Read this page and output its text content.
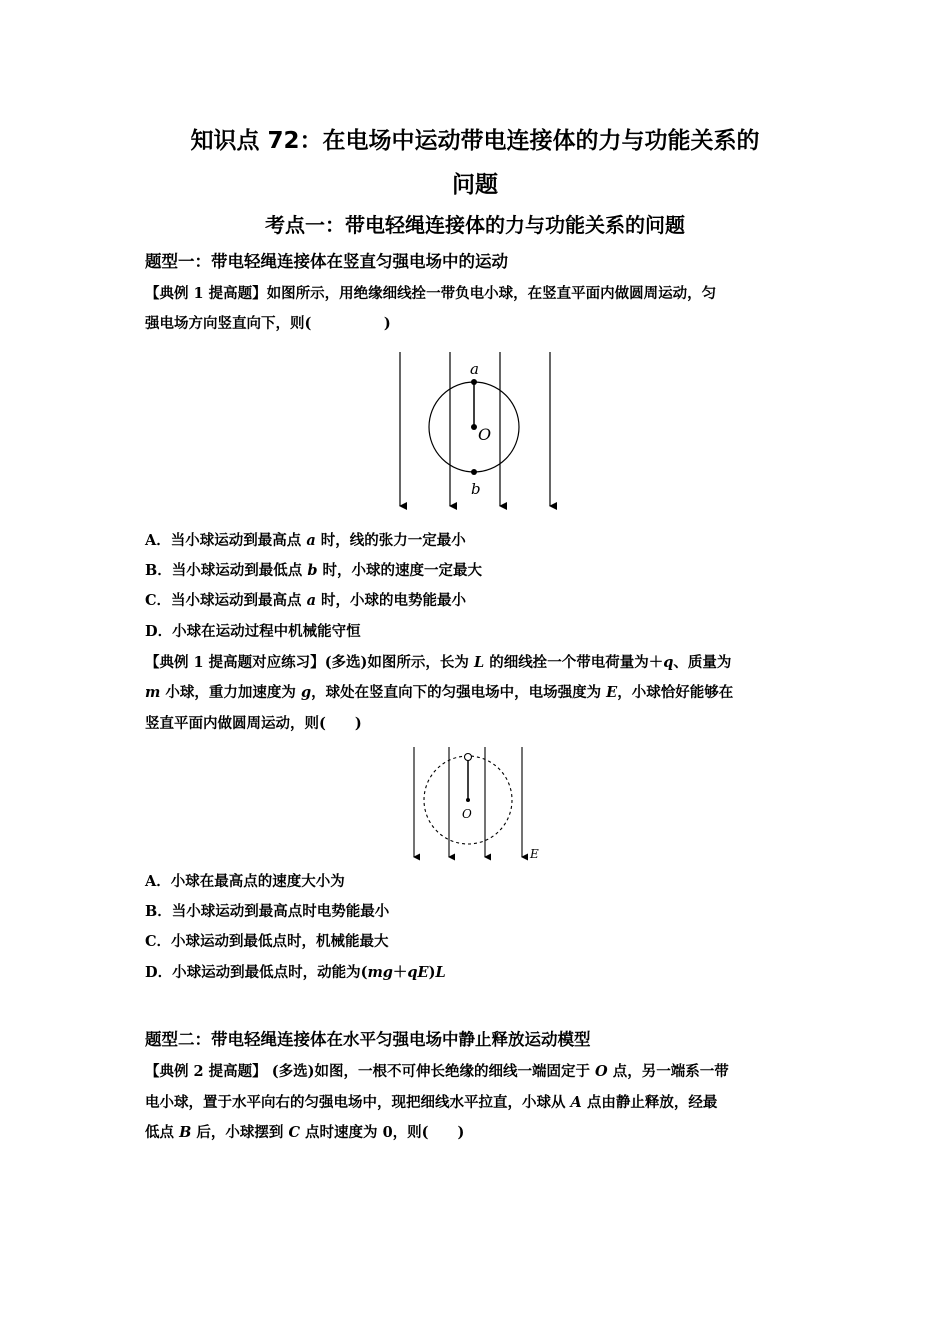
知识点 72：在电场中运动带电连接体的力与功能关系的
问题
考点一：带电轻绳连接体的力与功能关系的问题
题型一：带电轻绳连接体在竖直匀强电场中的运动
【典例 1 提高题】如图所示，用绝缘细线拴一带负电小球，在竖直平面内做圆周运动，匀
强电场方向竖直向下，则(　　　　　)
a
O
b
A．当小球运动到最高点 a 时，线的张力一定最小
B．当小球运动到最低点 b 时，小球的速度一定最大
C．当小球运动到最高点 a 时，小球的电势能最小
D．小球在运动过程中机械能守恒
【典例 1 提高题对应练习】(多选)如图所示，长为 L 的细线拴一个带电荷量为＋q、质量为
m 小球，重力加速度为 g，球处在竖直向下的匀强电场中，电场强度为 E，小球恰好能够在
竖直平面内做圆周运动，则(　　)
O
E
A．小球在最高点的速度大小为
B．当小球运动到最高点时电势能最小
C．小球运动到最低点时，机械能最大
D．小球运动到最低点时，动能为(mg＋qE)L
题型二：带电轻绳连接体在水平匀强电场中静止释放运动模型
【典例 2 提高题】 (多选)如图，一根不可伸长绝缘的细线一端固定于 O 点，另一端系一带
电小球，置于水平向右的匀强电场中，现把细线水平拉直，小球从 A 点由静止释放，经最
低点 B 后，小球摆到 C 点时速度为 0，则(　　)
